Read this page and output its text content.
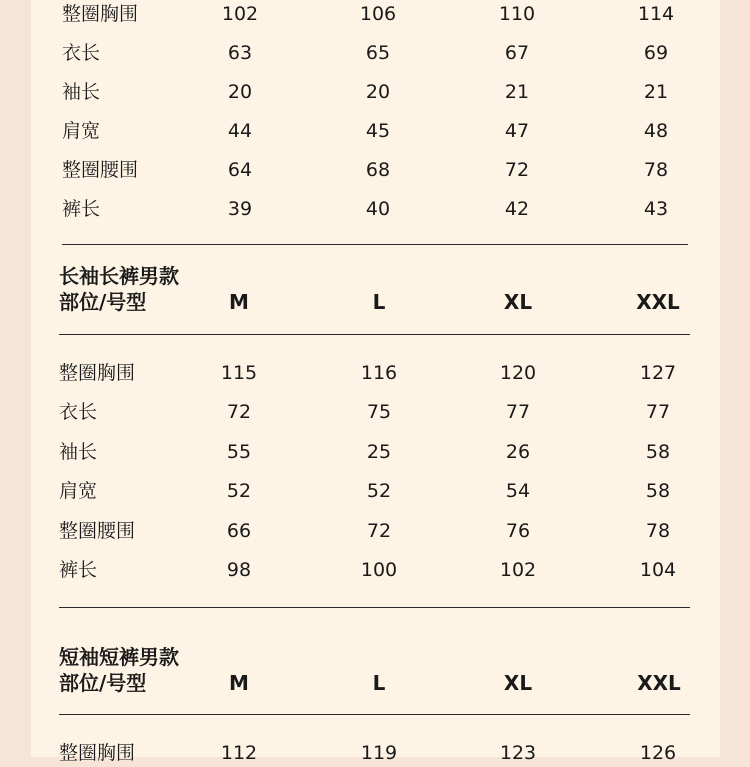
整圈胸围	102	106	110	114
衣长	63	65	67	69
袖长	20	20	21	21
肩宽	44	45	47	48
整圈腰围	64	68	72	78
裤长	39	40	42	43
长袖长裤男款
部位/号型	M	L	XL	XXL
整圈胸围	115	116	120	127
衣长	72	75	77	77
袖长	55	25	26	58
肩宽	52	52	54	58
整圈腰围	66	72	76	78
裤长	98	100	102	104
短袖短裤男款
部位/号型	M	L	XL	XXL
整圈胸围	112	119	123	126
